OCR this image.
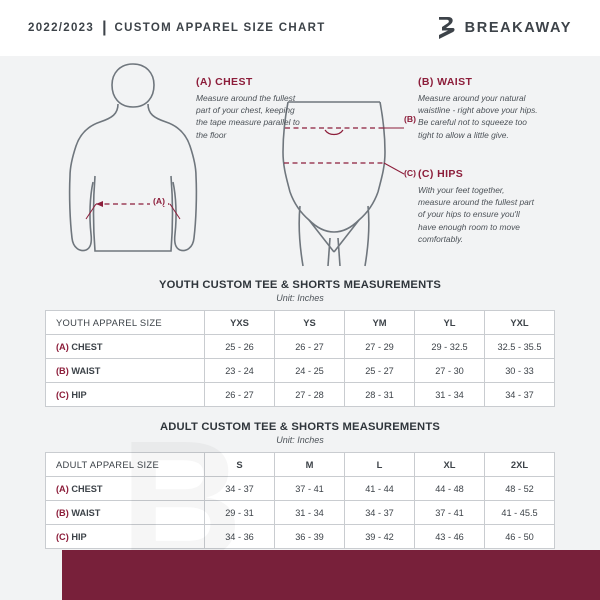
2022/2023 | CUSTOM APPAREL SIZE CHART	BREAKAWAY
(A)
(B)
(C)
(A) CHEST
Measure around the fullest part of your chest, keeping the tape measure parallel to the floor
(B) WAIST
Measure around your natural waistline - right above your hips. Be careful not to squeeze too tight to allow a little give.
(C) HIPS
With your feet together, measure around the fullest part of your hips to ensure you'll have enough room to move comfortably.
YOUTH CUSTOM TEE & SHORTS MEASUREMENTS
Unit: Inches
YOUTH APPAREL SIZE	YXS	YS	YM	YL	YXL
(A) CHEST	25 - 26	26 - 27	27 - 29	29 - 32.5	32.5 - 35.5
(B) WAIST	23 - 24	24 - 25	25 - 27	27 - 30	30 - 33
(C) HIP	26 - 27	27 - 28	28 - 31	31 - 34	34 - 37
ADULT CUSTOM TEE & SHORTS MEASUREMENTS
Unit: Inches
ADULT APPAREL SIZE	S	M	L	XL	2XL
(A) CHEST	34 - 37	37 - 41	41 - 44	44 - 48	48 - 52
(B) WAIST	29 - 31	31 - 34	34 - 37	37 - 41	41 - 45.5
(C) HIP	34 - 36	36 - 39	39 - 42	43 - 46	46 - 50
